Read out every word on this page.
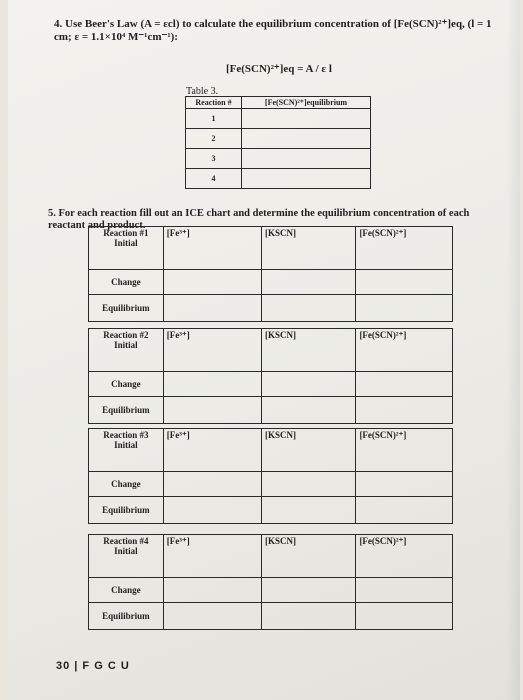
4. Use Beer's Law (A = εcl) to calculate the equilibrium concentration of [Fe(SCN)²⁺]eq, (l = 1
cm; ε = 1.1×10⁴ M⁻¹cm⁻¹):
[Fe(SCN)²⁺]eq = A / ε l
Table 3.
Reaction #	[Fe(SCN)²⁺]equilibrium
1	
2	
3	
4	
5. For each reaction fill out an ICE chart and determine the equilibrium concentration of each
reactant and product.
Reaction #1
Initial	[Fe³⁺]	[KSCN]	[Fe(SCN)²⁺]
Change			
Equilibrium			
Reaction #2
Initial	[Fe³⁺]	[KSCN]	[Fe(SCN)²⁺]
Change			
Equilibrium			
Reaction #3
Initial	[Fe³⁺]	[KSCN]	[Fe(SCN)²⁺]
Change			
Equilibrium			
Reaction #4
Initial	[Fe³⁺]	[KSCN]	[Fe(SCN)²⁺]
Change			
Equilibrium			
30 | F G C U
